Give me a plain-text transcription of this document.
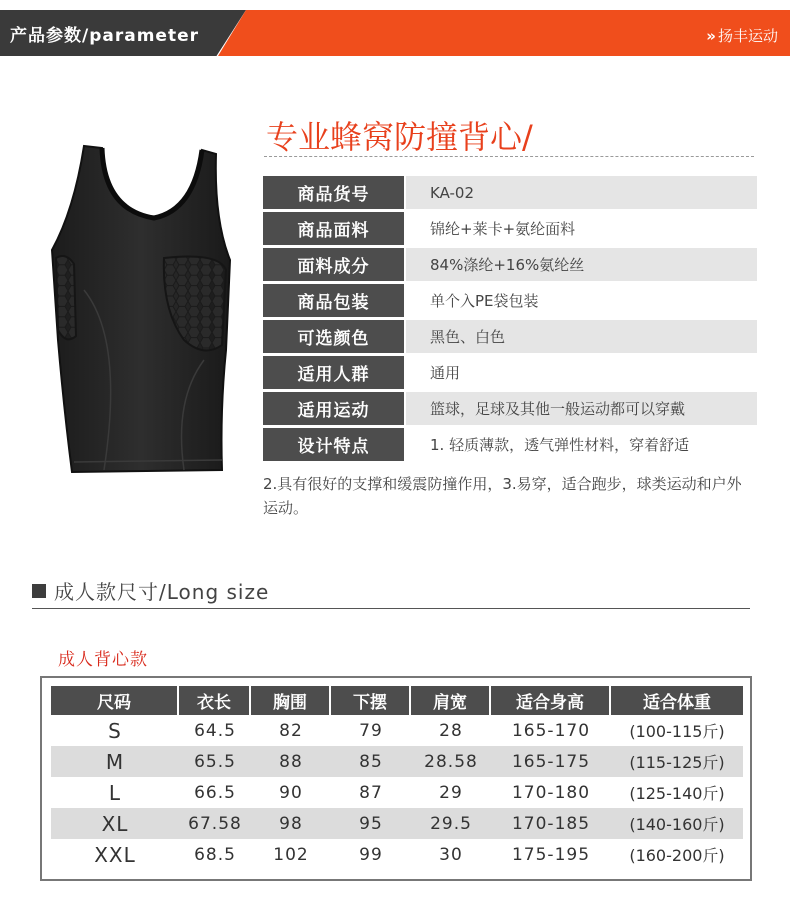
产品参数/parameter	» 扬丰运动
专业蜂窝防撞背心/
商品货号	KA-02
商品面料	锦纶+莱卡+氨纶面料
面料成分	84%涤纶+16%氨纶丝
商品包装	单个入PE袋包装
可选颜色	黑色、白色
适用人群	通用
适用运动	篮球，足球及其他一般运动都可以穿戴
设计特点	1. 轻质薄款，透气弹性材料，穿着舒适
2.具有很好的支撑和缓震防撞作用，3.易穿，适合跑步，球类运动和户外运动。
成人款尺寸/Long size
成人背心款
尺码	衣长	胸围	下摆	肩宽	适合身高	适合体重
S	64.5	82	79	28	165-170	(100-115斤)
M	65.5	88	85	28.58	165-175	(115-125斤)
L	66.5	90	87	29	170-180	(125-140斤)
XL	67.58	98	95	29.5	170-185	(140-160斤)
XXL	68.5	102	99	30	175-195	(160-200斤)
